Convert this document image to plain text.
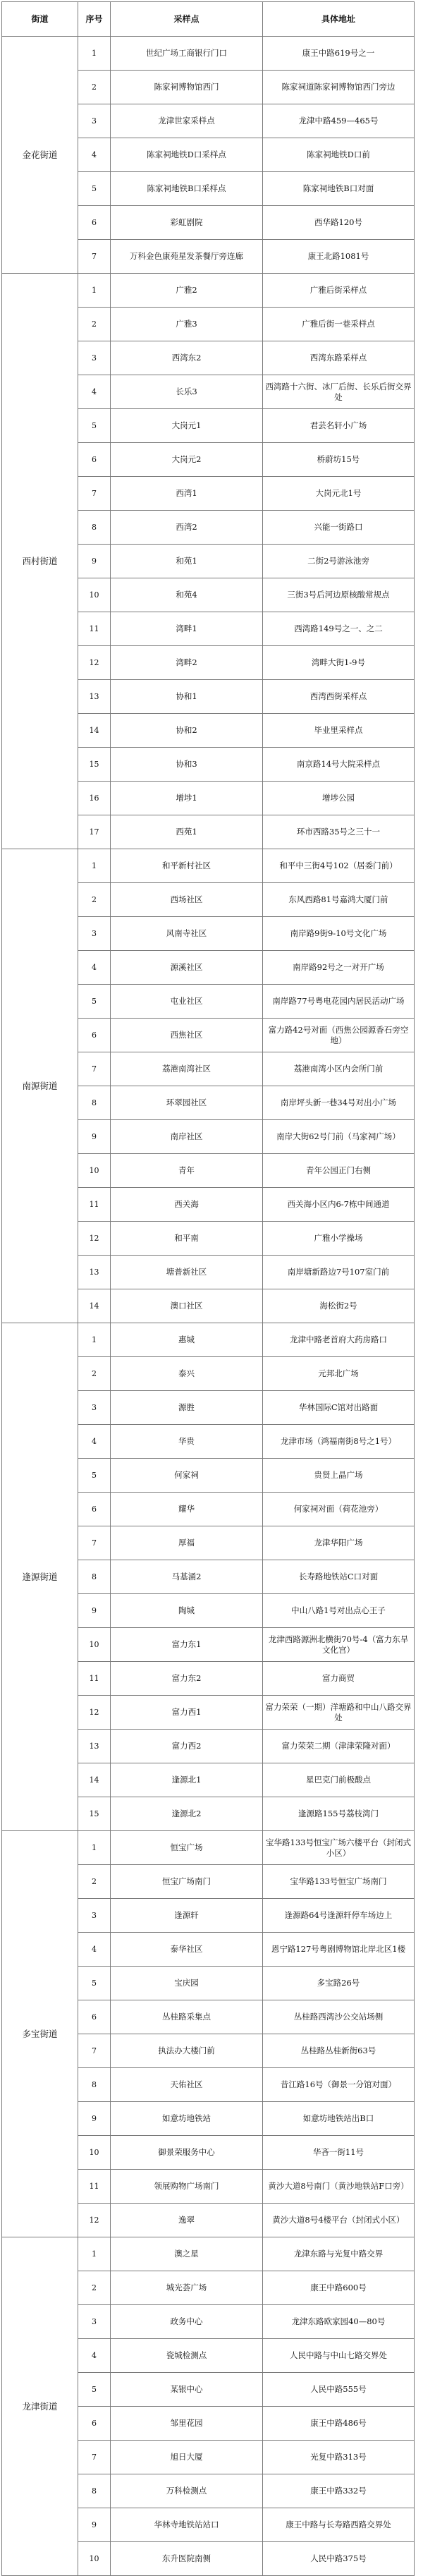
街道	序号	采样点	具体地址
金花街道	1	世纪广场工商银行门口	康王中路619号之一
	2	陈家祠博物馆西门	陈家祠道陈家祠博物馆西门旁边
	3	龙津世家采样点	龙津中路459—465号
	4	陈家祠地铁D口采样点	陈家祠地铁D口前
	5	陈家祠地铁B口采样点	陈家祠地铁B口对面
	6	彩虹剧院	西华路120号
	7	万科金色康苑星发茶餐厅旁连廊	康王北路1081号
西村街道	1	广雅2	广雅后街采样点
	2	广雅3	广雅后街一巷采样点
	3	西湾东2	西湾东路采样点
	4	长乐3	西湾路十六街、冰厂后街、长乐后街交界处
	5	大岗元1	君芸名轩小广场
	6	大岗元2	桥蔚坊15号
	7	西湾1	大岗元北1号
	8	西湾2	兴能一街路口
	9	和苑1	二街2号游泳池旁
	10	和苑4	三街3号后河边原核酸常规点
	11	湾畔1	西湾路149号之一、之二
	12	湾畔2	湾畔大街1-9号
	13	协和1	西湾西街采样点
	14	协和2	毕业里采样点
	15	协和3	南京路14号大院采样点
	16	增埗1	增埗公园
	17	西苑1	环市西路35号之三十一
南源街道	1	和平新村社区	和平中三街4号102（居委门前）
	2	西场社区	东风西路81号嘉鸿大厦门前
	3	风南寺社区	南岸路9街9-10号文化广场
	4	源溪社区	南岸路92号之一对开广场
	5	屯业社区	南岸路77号粤电花园内居民活动广场
	6	西焦社区	富力路42号对面（西焦公园源香石旁空地）
	7	荔港南湾社区	荔港南湾小区内会所门前
	8	环翠园社区	南岸坪头新一巷34号对出小广场
	9	南岸社区	南岸大街62号门前（马家祠广场）
	10	青年	青年公园正门右侧
	11	西关海	西关海小区内6-7栋中间通道
	12	和平南	广雅小学操场
	13	塘普新社区	南岸塘新路边7号107室门前
	14	澳口社区	海松街2号
逢源街道	1	惠城	龙津中路老首府大药房路口
	2	泰兴	元邦北广场
	3	源胜	华林国际C馆对出路面
	4	华贵	龙津市场（鸿福南街8号之1号）
	5	何家祠	贵贤上晶广场
	6	耀华	何家祠对面（荷花池旁）
	7	厚福	龙津华阳广场
	8	马基涌2	长寿路地铁站C口对面
	9	陶城	中山八路1号对出点心王子
	10	富力东1	龙津西路源洲北横街70号-4（富力东旱文化宫）
	11	富力东2	富力商贸
	12	富力西1	富力荣荣（一期）洋塘路和中山八路交界处
	13	富力西2	富力荣荣二期（津津荣隆对面）
	14	逢源北1	星巴克门前极酸点
	15	逢源北2	逢源路155号荔枝湾门
多宝街道	1	恒宝广场	宝华路133号恒宝广场六楼平台（封闭式小区）
	2	恒宝广场南门	宝华路133号恒宝广场南门
	3	逢源轩	逢源路64号逢源轩停车场边上
	4	泰华社区	恩宁路127号粤剧博物馆北岸北区1楼
	5	宝庆园	多宝路26号
	6	丛桂路采集点	丛桂路西湾沙公交站场侧
	7	执法办大楼门前	丛桂路丛桂新街63号
	8	天佑社区	昔江路16号（御景一分馆对面）
	9	如意坊地铁站	如意坊地铁站出B口
	10	御景荣服务中心	华吝一街11号
	11	领展购物广场南门	黄沙大道8号南门（黄沙地铁站F口旁）
	12	逸翠	黄沙大道8号4楼平台（封闭式小区）
龙津街道	1	澳之星	龙津东路与光复中路交界
	2	城光荟广场	康王中路600号
	3	政务中心	龙津东路欧家园40—80号
	4	瓷城检测点	人民中路与中山七路交界处
	5	某银中心	人民中路555号
	6	邹里花园	康王中路486号
	7	旭日大厦	光复中路313号
	8	万科检测点	康王中路332号
	9	华林寺地铁站站口	康王中路与长寿路西路交界处
	10	东升医院南侧	人民中路375号
